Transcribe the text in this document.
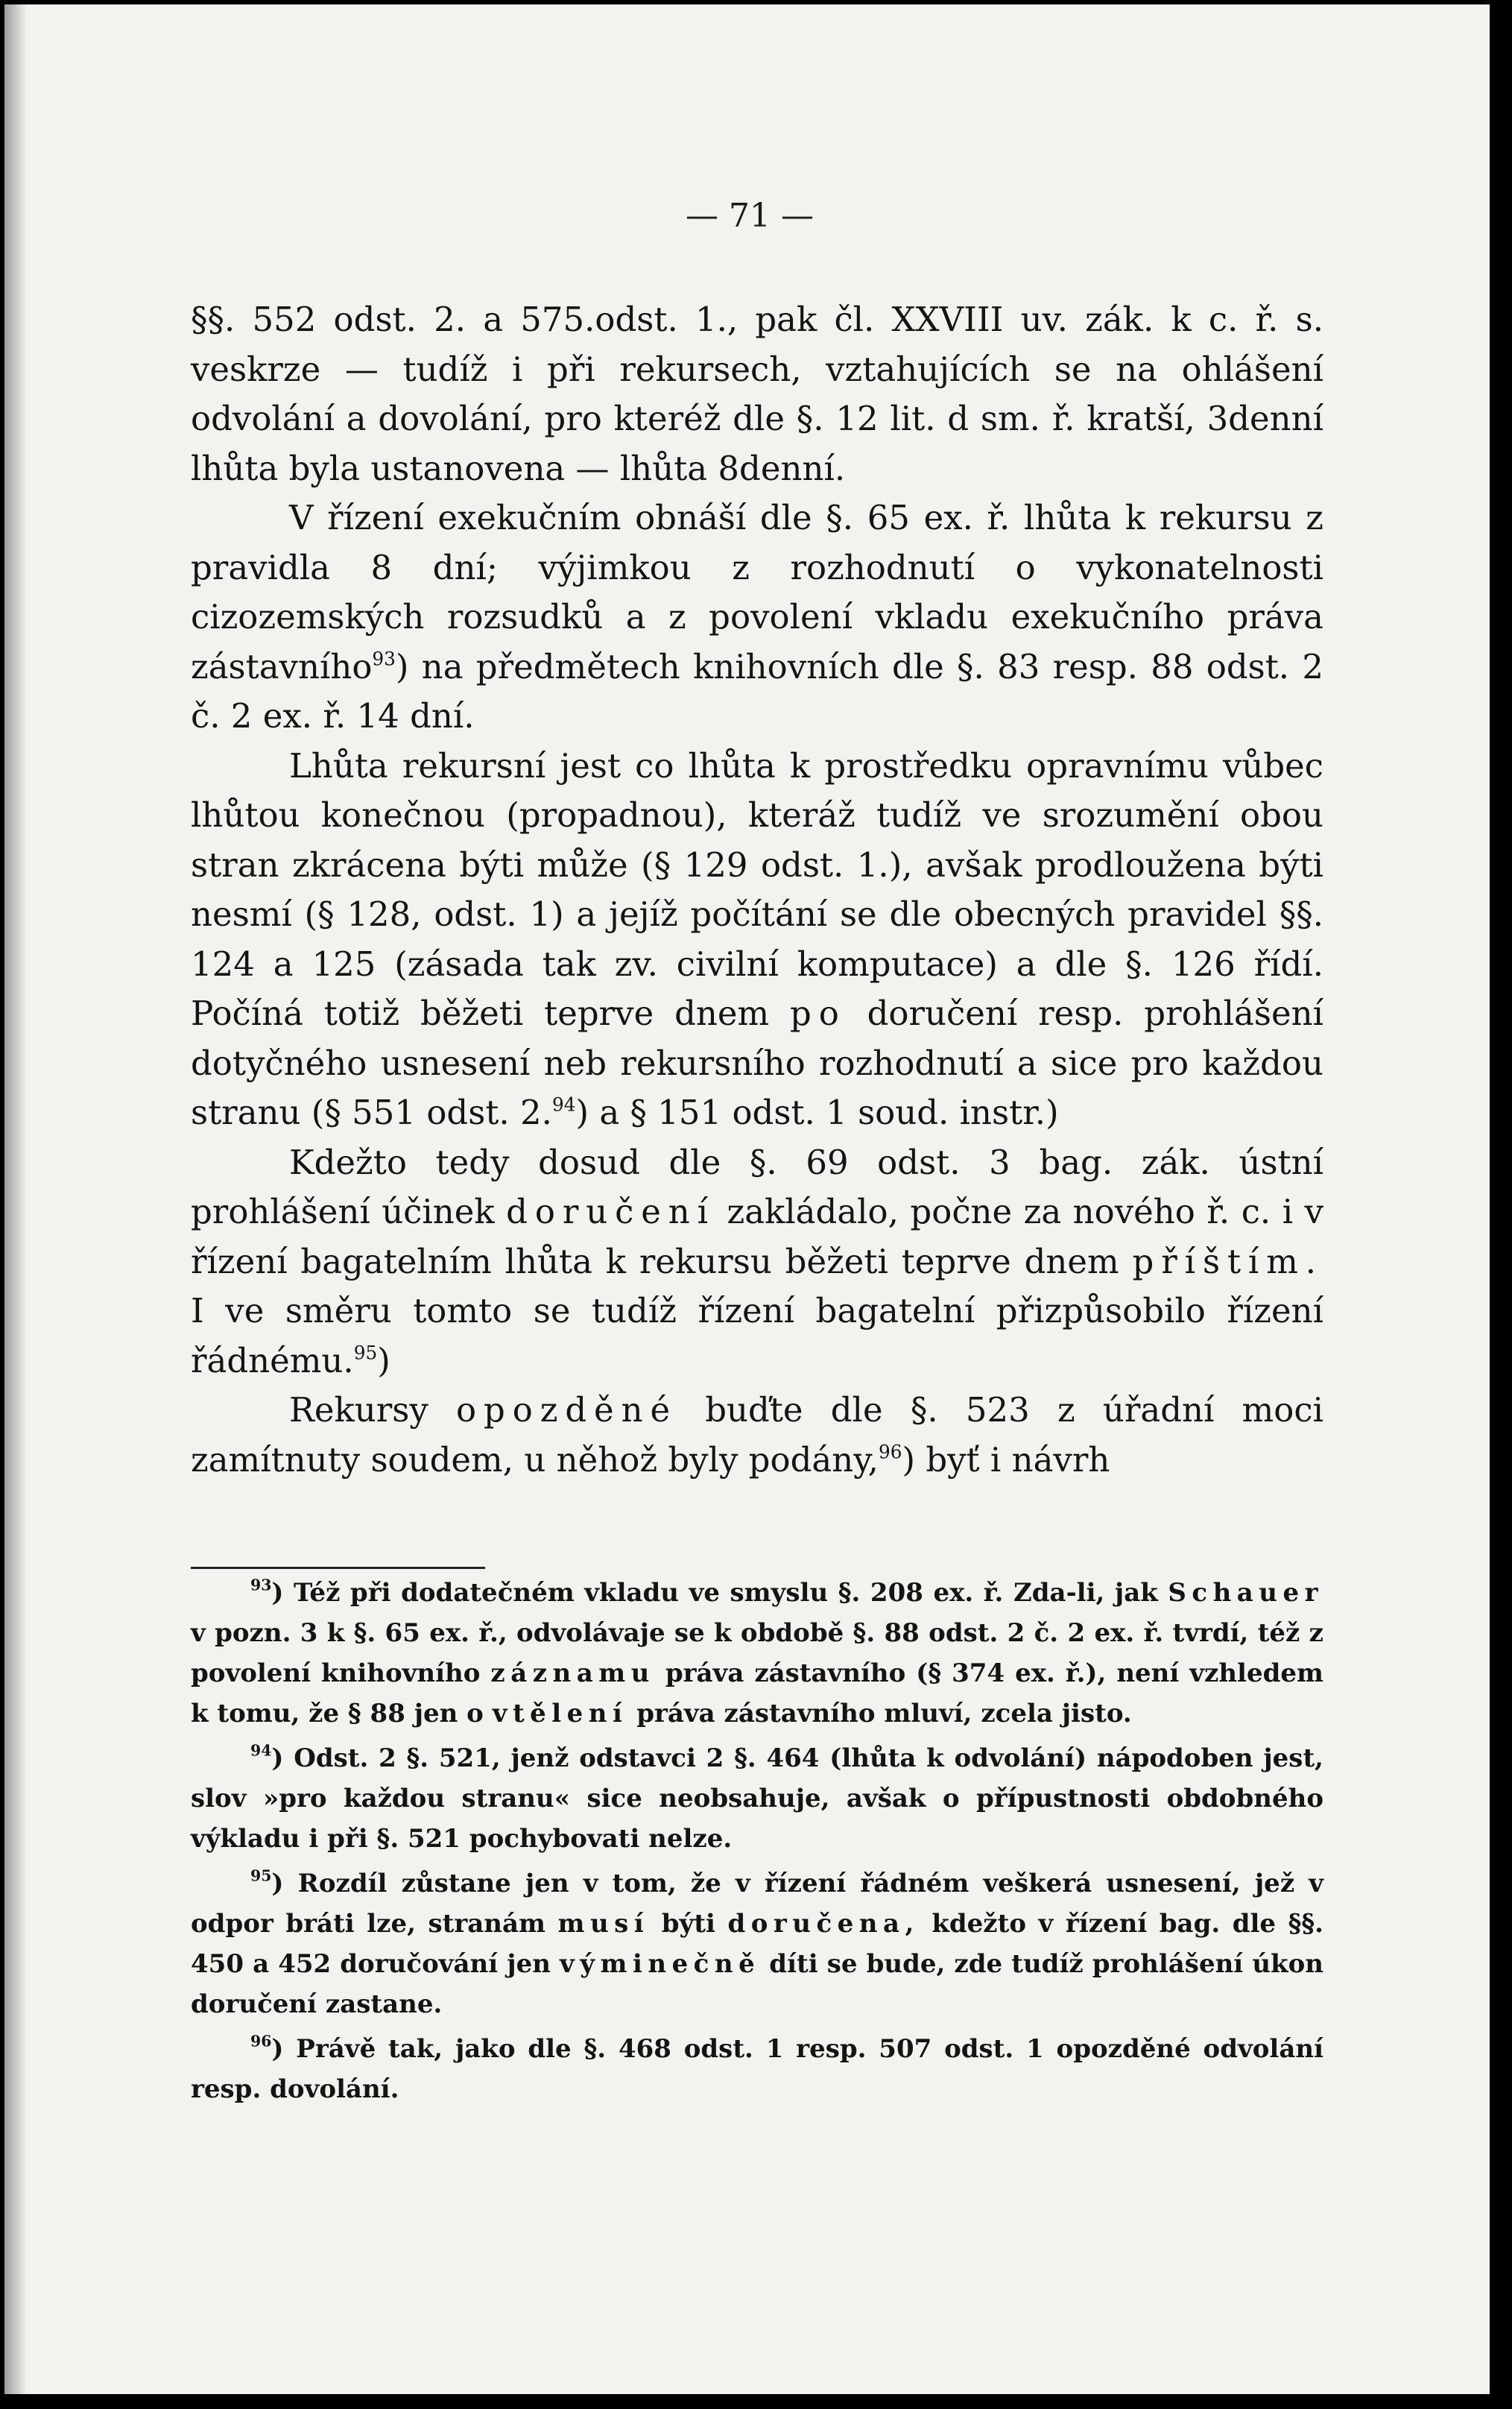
— 71 —

§§. 552 odst. 2. a 575.odst. 1., pak čl. XXVIII uv. zák. k c. ř. s. veskrze — tudíž i při rekursech, vztahujících se na ohlášení odvolání a dovolání, pro kteréž dle §. 12 lit. d sm. ř. kratší, 3denní lhůta byla ustanovena — lhůta 8denní.

V řízení exekučním obnáší dle §. 65 ex. ř. lhůta k rekursu z pravidla 8 dní; výjimkou z rozhodnutí o vykonatelnosti cizozemských rozsudků a z povolení vkladu exekučního práva zástavního$^{93}$) na předmětech knihovních dle §. 83 resp. 88 odst. 2 č. 2 ex. ř. 14 dní.

Lhůta rekursní jest co lhůta k prostředku opravnímu vůbec lhůtou konečnou (propadnou), kteráž tudíž ve srozumění obou stran zkrácena býti může (§ 129 odst. 1.), avšak prodloužena býti nesmí (§ 128, odst. 1) a jejíž počítání se dle obecných pravidel §§. 124 a 125 (zásada tak zv. civilní komputace) a dle §. 126 řídí. Počíná totiž běžeti teprve dnem po doručení resp. prohlášení dotyčného usnesení neb rekursního rozhodnutí a sice pro každou stranu (§ 551 odst. 2.94) a § 151 odst. 1 soud. instr.)

Kdežto tedy dosud dle §. 69 odst. 3 bag. zák. ústní prohlášení účinek doručení zakládalo, počne za nového ř. c. i v řízení bagatelním lhůta k rekursu běžeti teprve dnem příštím. I ve směru tomto se tudíž řízení bagatelní přizpůsobilo řízení řádnému.$^{95}$)

Rekursy opozděné buďte dle §. 523 z úřadní moci zamítnuty soudem, u něhož byly podány,$^{96}$) byť i návrh

$^{93}$) Též při dodatečném vkladu ve smyslu §. 208 ex. ř. Zda-li, jak Schauer v pozn. 3 k §. 65 ex. ř., odvolávaje se k obdobě §. 88 odst. 2 č. 2 ex. ř. tvrdí, též z povolení knihovního záznamu práva zástavního (§ 374 ex. ř.), není vzhledem k tomu, že § 88 jen o vtělení práva zástavního mluví, zcela jisto.

$^{94}$) Odst. 2 §. 521, jenž odstavci 2 §. 464 (lhůta k odvolání) nápodoben jest, slov »pro každou stranu« sice neobsahuje, avšak o přípustnosti obdobného výkladu i při §. 521 pochybovati nelze.

$^{95}$) Rozdíl zůstane jen v tom, že v řízení řádném veškerá usnesení, jež v odpor bráti lze, stranám musí býti doručena, kdežto v řízení bag. dle §§. 450 a 452 doručování jen výminečně díti se bude, zde tudíž prohlášení úkon doručení zastane.

$^{96}$) Právě tak, jako dle §. 468 odst. 1 resp. 507 odst. 1 opozděné odvolání resp. dovolání.
